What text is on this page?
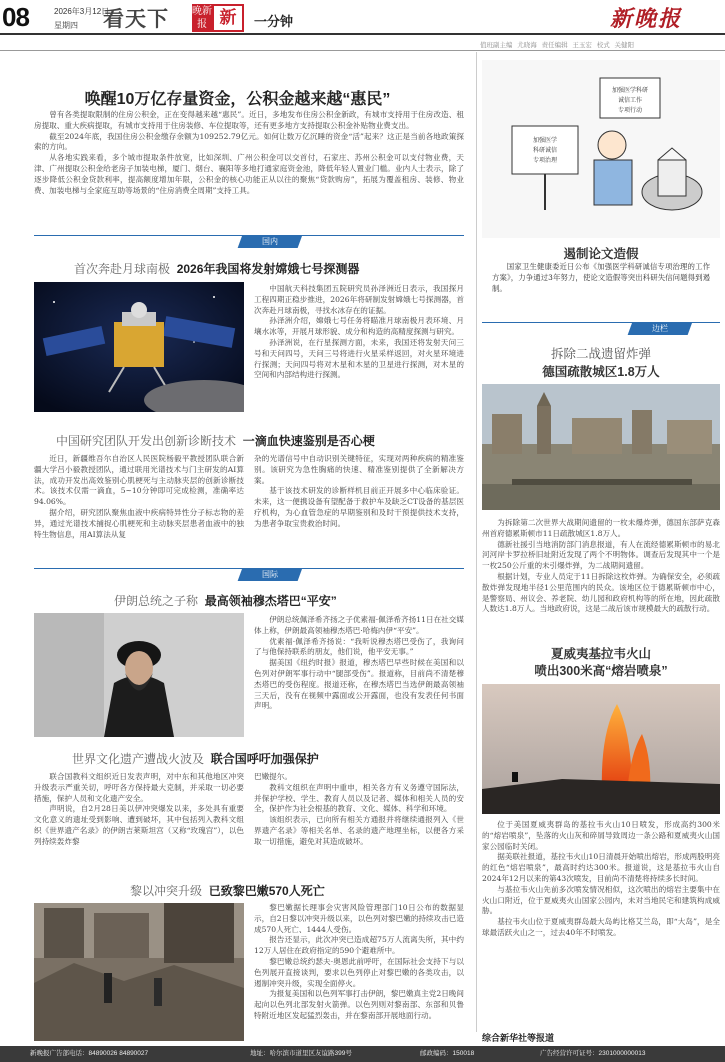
08	2026年3月12日
星期四 看天下 晚新报 新	一分钟	新晚报
值班副主编 尤晓海 责任编辑 王玉宏 校式 关健阳
唤醒10万亿存量资金，公积金越来越“惠民”

曾有各类提取限制的住房公积金，正在变得越来越“惠民”。近日，多地发布住房公积金新政，有城市支持用于住房改造、租房提取、重大疾病提取，有城市支持用于住房装修、车位提取等，还有更多地方支持提取公积金补贴物业费支出。

截至2024年底，我国住房公积金缴存余额为109252.79亿元。如何让数万亿沉睡的资金“活”起来？这正是当前各地政策探索的方向。

从各地实践来看，多个城市提取条件放宽，比如深圳、广州公积金可以交首付，石家庄、苏州公积金可以支付物业费，天津、广州提取公积金给老房子加装电梯，厦门、烟台、襄阳等多地打通家庭资金池，降低年轻人置业门槛。业内人士表示，除了逐步降低公积金贷款利率，提高额度增加年限，公积金的核心功能正从以往的聚焦“贷款购房”，拓展为覆盖租房、装修、物业费、加装电梯与全家庭互助等场景的“住房消费全周期”支持工具。

国内
首次奔赴月球南极 2026年我国将发射嫦娥七号探测器

中国航天科技集团五院研究员孙泽洲近日表示，我国探月工程四期正稳步推进，2026年将研制发射嫦娥七号探测器，首次奔赴月球南极，寻找水冰存在的证据。

孙泽洲介绍，嫦娥七号任务将瞄准月球南极月表环境、月壤水冰等，开展月球形貌、成分和构造的高精度探测与研究。

孙泽洲说，在行星探测方面，未来，我国还将发射天问三号和天问四号，天问三号将进行火星采样返回，对火星环境进行探测；天问四号将对木星和木星的卫星进行探测，对木星的空间和内部结构进行探测。

中国研究团队开发出创新诊断技术 一滴血快速鉴别是否心梗

近日，新疆维吾尔自治区人民医院杨毅平教授团队联合新疆大学吕小毅教授团队，通过联用光谱技术与门主研发的AI算法，成功开发出高效鉴别心肌梗死与主动脉夹层的创新诊断技术。该技术仅需一滴血，5~10分钟即可完成检测，准确率达94.06%。

据介绍，研究团队聚焦血液中疾病特异性分子标志物的差异，通过光谱技术捕捉心肌梗死和主动脉夹层患者血液中的独特生物信息，用AI算法从复

杂的光谱信号中自动识别关键特征，实现对两种疾病的精准鉴别。该研究为急性胸痛的快速、精准鉴别提供了全新解决方案。

基于该技术研发的诊断样机目前正开展多中心临床验证。未来，这一便携设备有望配备于救护车及缺乏CT设备的基层医疗机构，为心血管急症的早期鉴别和及时干预提供技术支持，为患者争取宝贵救治时间。

国际
伊朗总统之子称 最高领袖穆杰塔巴“平安”

伊朗总统佩泽希齐扬之子优素福·佩泽希齐扬11日在社交媒体上称，伊朗最高领袖穆杰塔巴·哈梅内伊“平安”。

优素福·佩泽希齐扬说：“我听说穆杰塔巴受伤了，我询问了与他保持联系的朋友，他们说，他平安无事。”

据美国《纽约时报》报道，穆杰塔巴早些时候在美国和以色列对伊朗军事行动中“腿部受伤”。报道称，目前尚不清楚穆杰塔巴的受伤程度。报道还称，在穆杰塔巴当选伊朗最高领袖三天后，没有在视频中露面或公开露面，也没有发表任何书面声明。

世界文化遗产遭战火波及 联合国呼吁加强保护

联合国教科文组织近日发表声明，对中东和其他地区冲突升级表示严重关切，呼吁各方保持最大克制，并采取一切必要措施，保护人员和文化遗产安全。

声明说，自2月28日美以伊冲突爆发以来，多处具有重要文化意义的遗址受到影响、遭到破坏，其中包括列入教科文组织《世界遗产名录》的伊朗吉莱斯坦宫（又称“玫瑰宫”），以色列持续轰炸黎

巴嫩提尔。

教科文组织在声明中重申，相关各方有义务遵守国际法，并保护学校、学生、教育人员以及记者、媒体和相关人员的安全，保护作为社会根基的教育、文化、媒体、科学和环境。

该组织表示，已向所有相关方通报并将继续通报列入《世界遗产名录》等相关名单、名录的遗产地理坐标，以便各方采取一切措施，避免对其造成破坏。

黎以冲突升级 已致黎巴嫩570人死亡

黎巴嫩据长理事会灾害风险管理部门10日公布的数据显示，自2日黎以冲突升级以来，以色列对黎巴嫩的持续攻击已造成570人死亡、1444人受伤。

报告还显示，此次冲突已造成超75万人流离失所，其中约12万人居住在政府指定的590个避难所中。

黎巴嫩总统约瑟夫·奥恩此前呼吁，在国际社会支持下与以色列展开直接谈判，要求以色列停止对黎巴嫩的各类攻击，以遏制冲突升级，实现全面停火。

为报复美国和以色列军事打击伊朗，黎巴嫩真主党2日晚间起向以色列北部发射火箭弹。以色列则对黎南部、东部和贝鲁特附近地区发起猛烈轰击，并在黎南部开展地面行动。

加强医学科研
诚信工作
专项行动
加强医学
科研诚信
专项治理
遏制论文造假
国家卫生健康委近日公布《加强医学科研诚信专项治理的工作方案》，力争通过3年努力，使论文造假等突出科研失信问题得到遏制。
边栏
拆除二战遗留炸弹
德国疏散城区1.8万人

为拆除第二次世界大战期间遗留的一枚未爆炸弹，德国东部萨克森州首府德累斯顿市11日疏散城区1.8万人。

德新社援引当地消防部门消息报道，有人在流经德累斯顿市的易北河河岸卡罗拉桥旧址附近发现了两个不明物体。调查后发现其中一个是一枚250公斤重的未引爆炸弹，为二战期间遗留。

根据计划，专业人员定于11日拆除这枚炸弹。为确保安全，必须疏散炸弹发现地半径1公里范围内的民众。该地区位于德累斯顿市中心，是警察局、州议会、养老院、幼儿园和政府机构等的所在地，因此疏散人数达1.8万人。当地政府说，这是二战后该市规模最大的疏散行动。

夏威夷基拉韦火山
喷出300米高“熔岩喷泉”

位于美国夏威夷群岛的基拉韦火山10日喷发，形成高约300米的“熔岩喷泉”，坠落的火山灰和碎屑导致周边一条公路和夏威夷火山国家公园临时关闭。

据美联社报道，基拉韦火山10日清晨开始喷出熔岩，形成两股明亮的红色“熔岩喷泉”，最高时约达300米。报道说，这是基拉韦火山自2024年12月以来的第43次喷发，目前尚不清楚将持续多长时间。

与基拉韦火山先前多次喷发情况相似，这次喷出的熔岩主要集中在火山口附近，位于夏威夷火山国家公园内，未对当地民宅和建筑构成威胁。

基拉韦火山位于夏威夷群岛最大岛屿比格艾兰岛，即“大岛”，是全球最活跃火山之一，过去40年不时喷发。

综合新华社等报道
新晚报广告部电话：84890026 84890027	地址：哈尔滨市道里区友谊路399号	邮政编码：150018	广告经营许可证号：2301000000013
